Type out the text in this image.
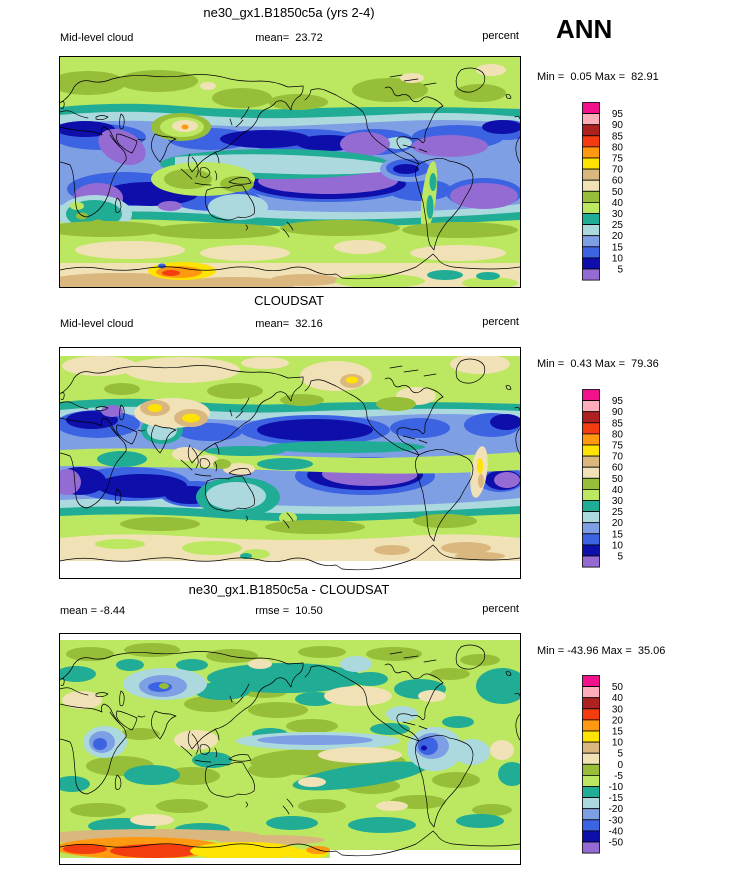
ne30_gx1.B1850c5a (yrs 2-4)
Mid-level cloud	mean=  23.72	percent ANN
Min =  0.05 Max =  82.91
95
90
85
80
75
70
60
50
40
30
25
20
15
10
5
CLOUDSAT
Mid-level cloud	mean=  32.16	percent
Min =  0.43 Max =  79.36
95
90
85
80
75
70
60
50
40
30
25
20
15
10
5
ne30_gx1.B1850c5a - CLOUDSAT
mean = -8.44	rmse =  10.50	percent
Min = -43.96 Max =  35.06
50
40
30
20
15
10
5
0
-5
-10
-15
-20
-30
-40
-50
